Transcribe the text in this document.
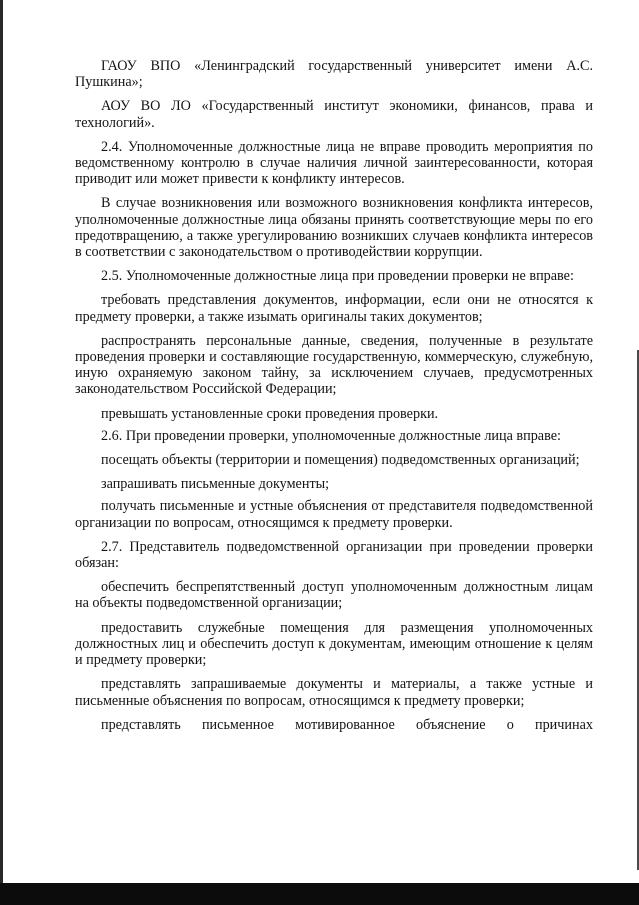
ГАОУ ВПО «Ленинградский государственный университет имени А.С. Пушкина»;

АОУ ВО ЛО «Государственный институт экономики, финансов, права и технологий».

2.4. Уполномоченные должностные лица не вправе проводить мероприятия по ведомственному контролю в случае наличия личной заинтересованности, которая приводит или может привести к конфликту интересов.

В случае возникновения или возможного возникновения конфликта интересов, уполномоченные должностные лица обязаны принять соответствующие меры по его предотвращению, а также урегулированию возникших случаев конфликта интересов в соответствии с законодательством о противодействии коррупции.

2.5. Уполномоченные должностные лица при проведении проверки не вправе:

требовать представления документов, информации, если они не относятся к предмету проверки, а также изымать оригиналы таких документов;

распространять персональные данные, сведения, полученные в результате проведения проверки и составляющие государственную, коммерческую, служебную, иную охраняемую законом тайну, за исключением случаев, предусмотренных законодательством Российской Федерации;

превышать установленные сроки проведения проверки.

2.6. При проведении проверки, уполномоченные должностные лица вправе:

посещать объекты (территории и помещения) подведомственных организаций;

запрашивать письменные документы;

получать письменные и устные объяснения от представителя подведомственной организации по вопросам, относящимся к предмету проверки.

2.7. Представитель подведомственной организации при проведении проверки обязан:

обеспечить беспрепятственный доступ уполномоченным должностным лицам на объекты подведомственной организации;

предоставить служебные помещения для размещения уполномоченных должностных лиц и обеспечить доступ к документам, имеющим отношение к целям и предмету проверки;

представлять запрашиваемые документы и материалы, а также устные и письменные объяснения по вопросам, относящимся к предмету проверки;

представлять письменное мотивированное объяснение о причинах
